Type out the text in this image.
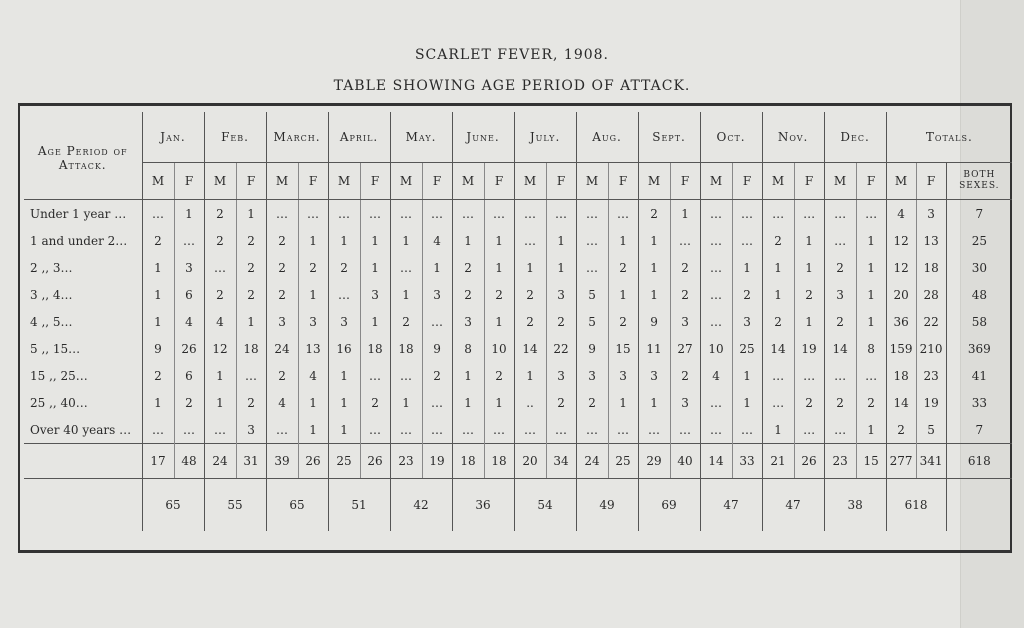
SCARLET FEVER, 1908.
TABLE SHOWING AGE PERIOD OF ATTACK.
Age Period of
Attack.	Jan.		Feb.		March.		April.		May.		June.		July.		Aug.		Sept.		Oct.		Nov.		Dec.		Totals.		
	M	F	M	F	M	F	M	F	M	F	M	F	M	F	M	F	M	F	M	F	M	F	M	F	M	F	BOTH
SEXES.

Under 1 year …	…	1	2	1	…	…	…	…	…	…	…	…	…	…	…	…	2	1	…	…	…	…	…	…	4	3	7
1 and under 2…	2	…	2	2	2	1	1	1	1	4	1	1	…	1	…	1	1	…	…	…	2	1	…	1	12	13	25
2 ,, 3…	1	3	…	2	2	2	2	1	…	1	2	1	1	1	…	2	1	2	…	1	1	1	2	1	12	18	30
3 ,, 4…	1	6	2	2	2	1	…	3	1	3	2	2	2	3	5	1	1	2	…	2	1	2	3	1	20	28	48
4 ,, 5…	1	4	4	1	3	3	3	1	2	…	3	1	2	2	5	2	9	3	…	3	2	1	2	1	36	22	58
5 ,, 15…	9	26	12	18	24	13	16	18	18	9	8	10	14	22	9	15	11	27	10	25	14	19	14	8	159	210	369
15 ,, 25…	2	6	1	…	2	4	1	…	…	2	1	2	1	3	3	3	3	2	4	1	…	…	…	…	18	23	41
25 ,, 40…	1	2	1	2	4	1	1	2	1	…	1	1	..	2	2	1	1	3	…	1	…	2	2	2	14	19	33
Over 40 years …	…	…	…	3	…	1	1	…	…	…	…	…	…	…	…	…	…	…	…	…	1	…	…	1	2	5	7
	17	48	24	31	39	26	25	26	23	19	18	18	20	34	24	25	29	40	14	33	21	26	23	15	277	341	618
	65		55		65		51		42		36		54		49		69		47		47		38		618		
